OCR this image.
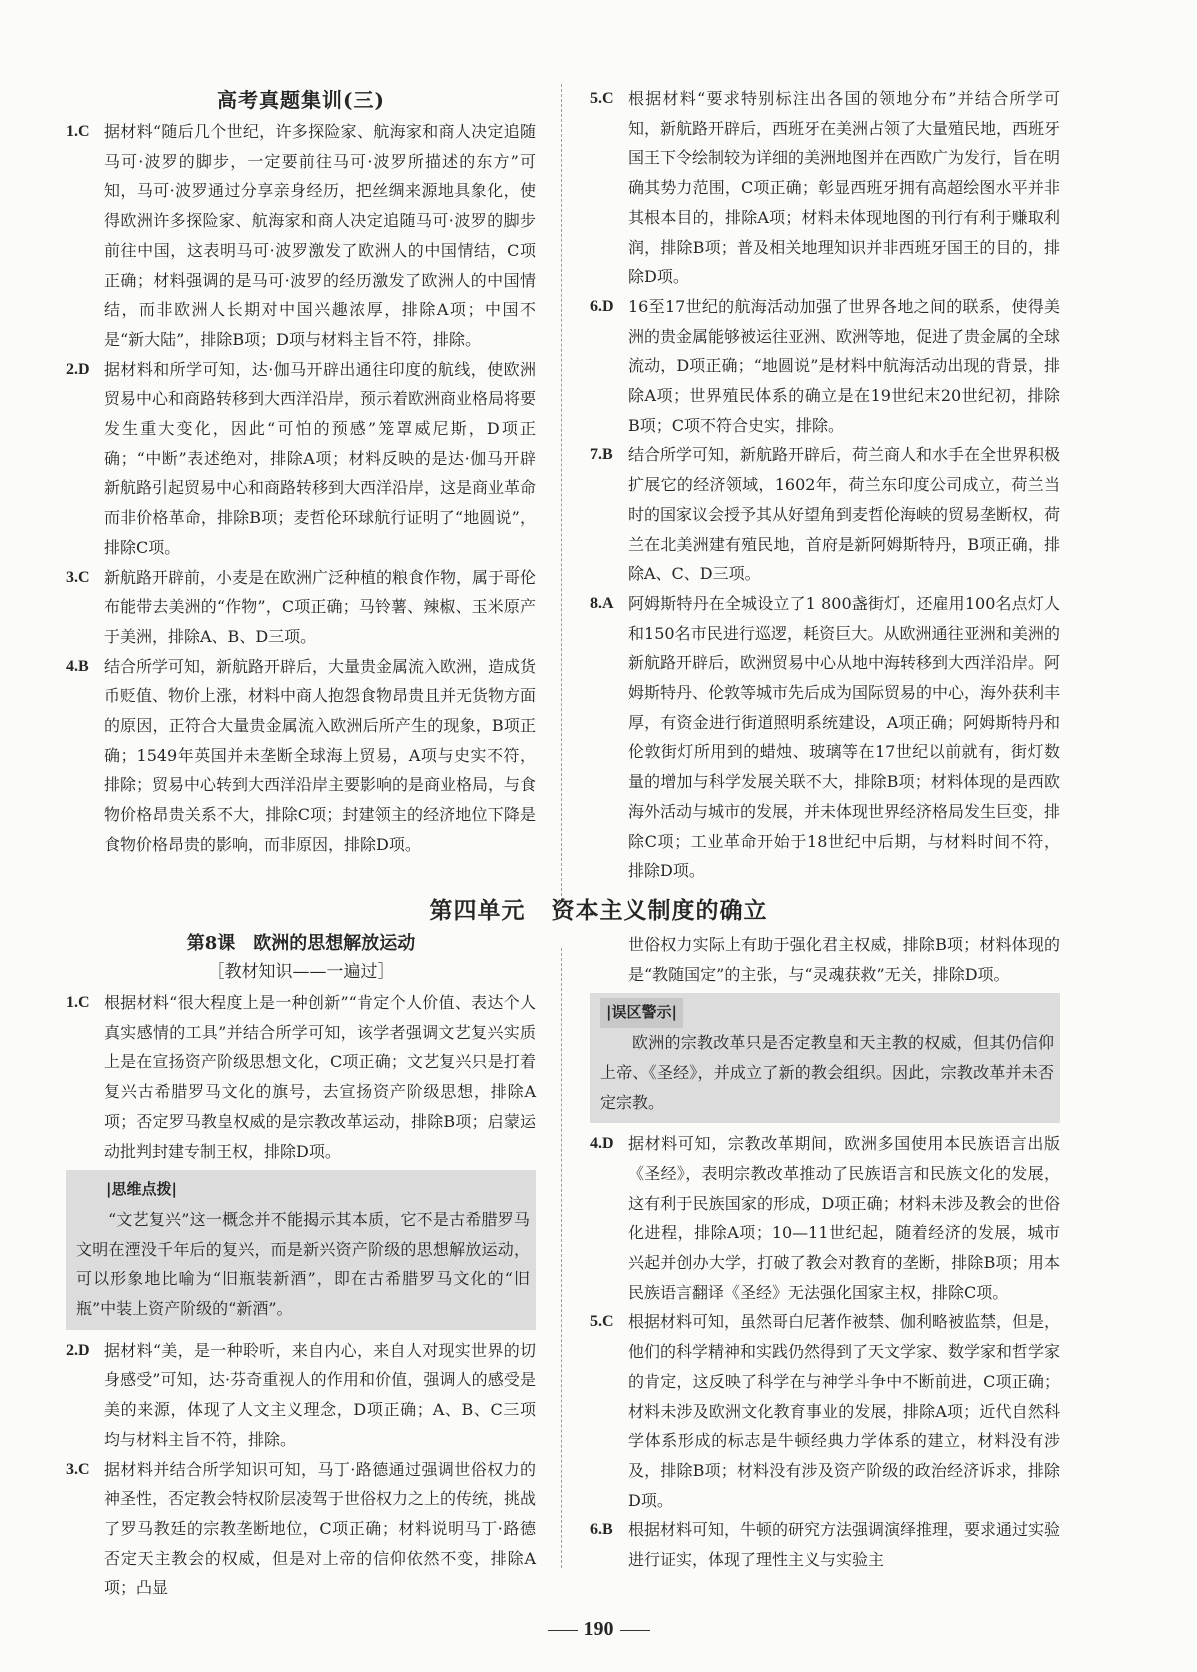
高考真题集训(三)

1.C 据材料“随后几个世纪，许多探险家、航海家和商人决定追随马可·波罗的脚步，一定要前往马可·波罗所描述的东方”可知，马可·波罗通过分享亲身经历，把丝绸来源地具象化，使得欧洲许多探险家、航海家和商人决定追随马可·波罗的脚步前往中国，这表明马可·波罗激发了欧洲人的中国情结，C项正确；材料强调的是马可·波罗的经历激发了欧洲人的中国情结，而非欧洲人长期对中国兴趣浓厚，排除A项；中国不是“新大陆”，排除B项；D项与材料主旨不符，排除。
2.D 据材料和所学可知，达·伽马开辟出通往印度的航线，使欧洲贸易中心和商路转移到大西洋沿岸，预示着欧洲商业格局将要发生重大变化，因此“可怕的预感”笼罩威尼斯，D项正确；“中断”表述绝对，排除A项；材料反映的是达·伽马开辟新航路引起贸易中心和商路转移到大西洋沿岸，这是商业革命而非价格革命，排除B项；麦哲伦环球航行证明了“地圆说”，排除C项。
3.C 新航路开辟前，小麦是在欧洲广泛种植的粮食作物，属于哥伦布能带去美洲的“作物”，C项正确；马铃薯、辣椒、玉米原产于美洲，排除A、B、D三项。
4.B 结合所学可知，新航路开辟后，大量贵金属流入欧洲，造成货币贬值、物价上涨，材料中商人抱怨食物昂贵且并无货物方面的原因，正符合大量贵金属流入欧洲后所产生的现象，B项正确；1549年英国并未垄断全球海上贸易，A项与史实不符，排除；贸易中心转到大西洋沿岸主要影响的是商业格局，与食物价格昂贵关系不大，排除C项；封建领主的经济地位下降是食物价格昂贵的影响，而非原因，排除D项。
5.C 根据材料“要求特别标注出各国的领地分布”并结合所学可知，新航路开辟后，西班牙在美洲占领了大量殖民地，西班牙国王下令绘制较为详细的美洲地图并在西欧广为发行，旨在明确其势力范围，C项正确；彰显西班牙拥有高超绘图水平并非其根本目的，排除A项；材料未体现地图的刊行有利于赚取利润，排除B项；普及相关地理知识并非西班牙国王的目的，排除D项。
6.D 16至17世纪的航海活动加强了世界各地之间的联系，使得美洲的贵金属能够被运往亚洲、欧洲等地，促进了贵金属的全球流动，D项正确；“地圆说”是材料中航海活动出现的背景，排除A项；世界殖民体系的确立是在19世纪末20世纪初，排除B项；C项不符合史实，排除。
7.B 结合所学可知，新航路开辟后，荷兰商人和水手在全世界积极扩展它的经济领域，1602年，荷兰东印度公司成立，荷兰当时的国家议会授予其从好望角到麦哲伦海峡的贸易垄断权，荷兰在北美洲建有殖民地，首府是新阿姆斯特丹，B项正确，排除A、C、D三项。
8.A 阿姆斯特丹在全城设立了1 800盏街灯，还雇用100名点灯人和150名市民进行巡逻，耗资巨大。从欧洲通往亚洲和美洲的新航路开辟后，欧洲贸易中心从地中海转移到大西洋沿岸。阿姆斯特丹、伦敦等城市先后成为国际贸易的中心，海外获利丰厚，有资金进行街道照明系统建设，A项正确；阿姆斯特丹和伦敦街灯所用到的蜡烛、玻璃等在17世纪以前就有，街灯数量的增加与科学发展关联不大，排除B项；材料体现的是西欧海外活动与城市的发展，并未体现世界经济格局发生巨变，排除C项；工业革命开始于18世纪中后期，与材料时间不符，排除D项。
第四单元 资本主义制度的确立

第8课　欧洲的思想解放运动

［教材知识——一遍过］

1.C 根据材料“很大程度上是一种创新”“肯定个人价值、表达个人真实感情的工具”并结合所学可知，该学者强调文艺复兴实质上是在宣扬资产阶级思想文化，C项正确；文艺复兴只是打着复兴古希腊罗马文化的旗号，去宣扬资产阶级思想，排除A项；否定罗马教皇权威的是宗教改革运动，排除B项；启蒙运动批判封建专制王权，排除D项。
|思维点拨|

“文艺复兴”这一概念并不能揭示其本质，它不是古希腊罗马文明在湮没千年后的复兴，而是新兴资产阶级的思想解放运动，可以形象地比喻为“旧瓶装新酒”，即在古希腊罗马文化的“旧瓶”中装上资产阶级的“新酒”。

2.D 据材料“美，是一种聆听，来自内心，来自人对现实世界的切身感受”可知，达·芬奇重视人的作用和价值，强调人的感受是美的来源，体现了人文主义理念，D项正确；A、B、C三项均与材料主旨不符，排除。
3.C 据材料并结合所学知识可知，马丁·路德通过强调世俗权力的神圣性，否定教会特权阶层凌驾于世俗权力之上的传统，挑战了罗马教廷的宗教垄断地位，C项正确；材料说明马丁·路德否定天主教会的权威，但是对上帝的信仰依然不变，排除A项；凸显
世俗权力实际上有助于强化君主权威，排除B项；材料体现的是“教随国定”的主张，与“灵魂获救”无关，排除D项。
|误区警示|

欧洲的宗教改革只是否定教皇和天主教的权威，但其仍信仰上帝、《圣经》，并成立了新的教会组织。因此，宗教改革并未否定宗教。

4.D 据材料可知，宗教改革期间，欧洲多国使用本民族语言出版《圣经》，表明宗教改革推动了民族语言和民族文化的发展，这有利于民族国家的形成，D项正确；材料未涉及教会的世俗化进程，排除A项；10—11世纪起，随着经济的发展，城市兴起并创办大学，打破了教会对教育的垄断，排除B项；用本民族语言翻译《圣经》无法强化国家主权，排除C项。
5.C 根据材料可知，虽然哥白尼著作被禁、伽利略被监禁，但是，他们的科学精神和实践仍然得到了天文学家、数学家和哲学家的肯定，这反映了科学在与神学斗争中不断前进，C项正确；材料未涉及欧洲文化教育事业的发展，排除A项；近代自然科学体系形成的标志是牛顿经典力学体系的建立，材料没有涉及，排除B项；材料没有涉及资产阶级的政治经济诉求，排除D项。
6.B 根据材料可知，牛顿的研究方法强调演绎推理，要求通过实验进行证实，体现了理性主义与实验主
190
